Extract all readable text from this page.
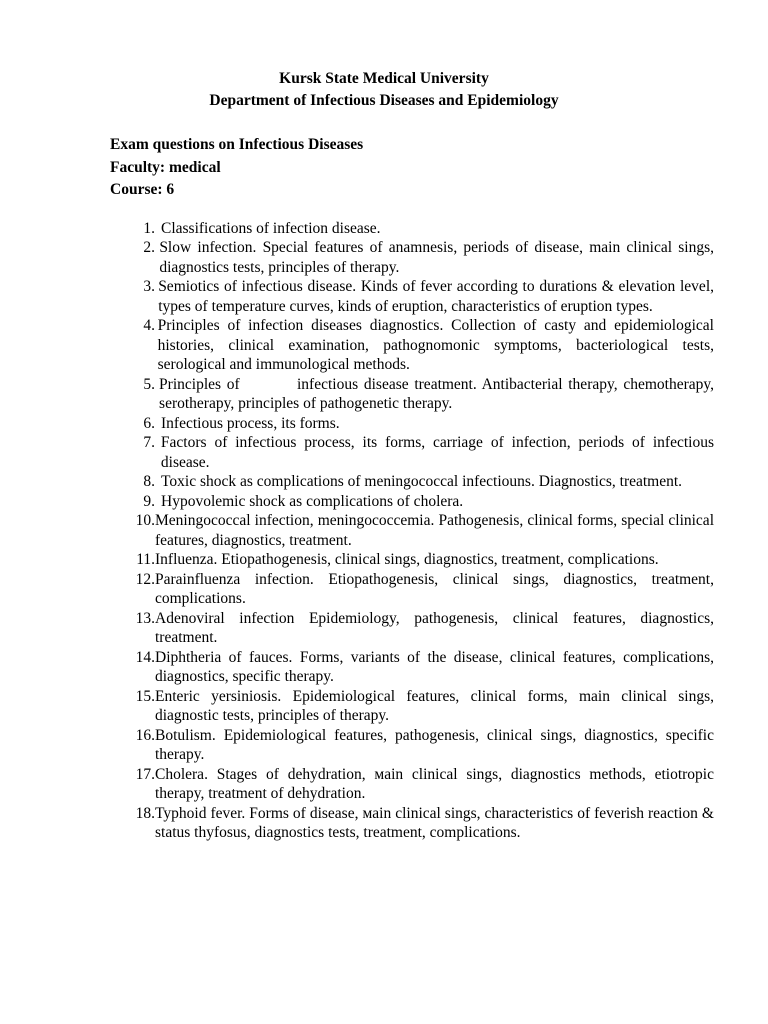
Kursk State Medical University
Department of Infectious Diseases and Epidemiology
Exam questions on Infectious Diseases
Faculty: medical
Course: 6
1. Classifications of infection disease.
2. Slow infection. Special features of anamnesis, periods of disease, main clinical sings, diagnostics tests, principles of therapy.
3. Semiotics of infectious disease. Kinds of fever according to durations & elevation level, types of temperature curves, kinds of eruption, characteristics of eruption types.
4. Principles of infection diseases diagnostics. Collection of casty and epidemiological histories, clinical examination, pathognomonic symptoms, bacteriological tests, serological and immunological methods.
5. Principles of          infectious disease treatment. Antibacterial therapy, chemotherapy, serotherapy, principles of pathogenetic therapy.
6. Infectious process, its forms.
7. Factors of infectious process, its forms, carriage of infection, periods of infectious disease.
8. Toxic shock as complications of meningococcal infectiouns. Diagnostics, treatment.
9. Hypovolemic shock as complications of cholera.
10. Meningococcal infection, meningococcemia. Pathogenesis, clinical forms, special clinical features, diagnostics, treatment.
11. Influenza. Etiopathogenesis, clinical sings, diagnostics, treatment, complications.
12. Parainfluenza infection. Etiopathogenesis, clinical sings, diagnostics, treatment, complications.
13. Adenoviral infection Epidemiology, pathogenesis, clinical features, diagnostics, treatment.
14. Diphtheria of fauces. Forms, variants of the disease, clinical features, complications, diagnostics, specific therapy.
15. Enteric yersiniosis. Epidemiological features, clinical forms, main clinical sings, diagnostic tests, principles of therapy.
16. Botulism. Epidemiological features, pathogenesis, clinical sings, diagnostics, specific therapy.
17. Cholera. Stages of dehydration, мain clinical sings, diagnostics methods, etiotropic therapy, treatment of dehydration.
18. Typhoid fever. Forms of disease, мain clinical sings, characteristics of feverish reaction & status thyfosus, diagnostics tests, treatment, complications.
